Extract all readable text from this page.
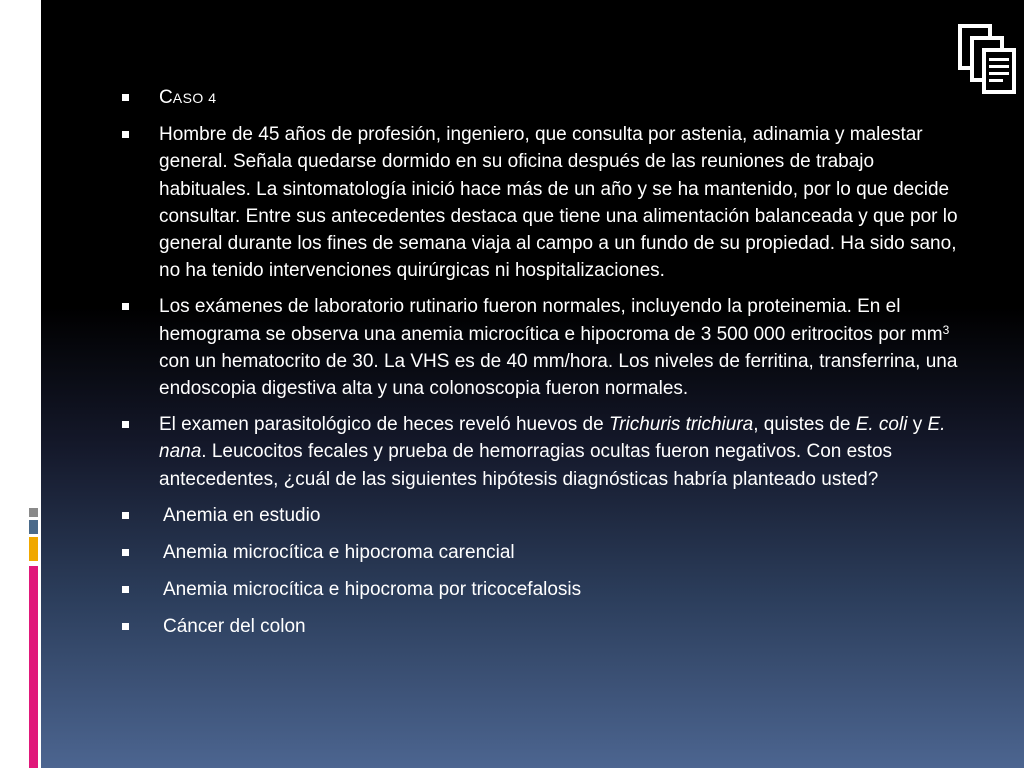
CASO 4
Hombre de 45 años de profesión, ingeniero, que consulta por astenia, adinamia y malestar general. Señala quedarse dormido en su oficina después de las reuniones de trabajo habituales. La sintomatología inició hace más de un año y se ha mantenido, por lo que decide consultar. Entre sus antecedentes destaca que tiene una alimentación balanceada y que por lo general durante los fines de semana viaja al campo a un fundo de su propiedad. Ha sido sano, no ha tenido intervenciones quirúrgicas ni hospitalizaciones.
Los exámenes de laboratorio rutinario fueron normales, incluyendo la proteinemia. En el hemograma se observa una anemia microcítica e hipocroma de 3 500 000 eritrocitos por $mm^3$ con un hematocrito de 30. La VHS es de 40 mm/hora. Los niveles de ferritina, transferrina, una endoscopia digestiva alta y una colonoscopia fueron normales.
El examen parasitológico de heces reveló huevos de Trichuris trichiura, quistes de E. coli y E. nana. Leucocitos fecales y prueba de hemorragias ocultas fueron negativos. Con estos antecedentes, ¿cuál de las siguientes hipótesis diagnósticas habría planteado usted?
Anemia en estudio
Anemia microcítica e hipocroma carencial
Anemia microcítica e hipocroma por tricocefalosis
Cáncer del colon
